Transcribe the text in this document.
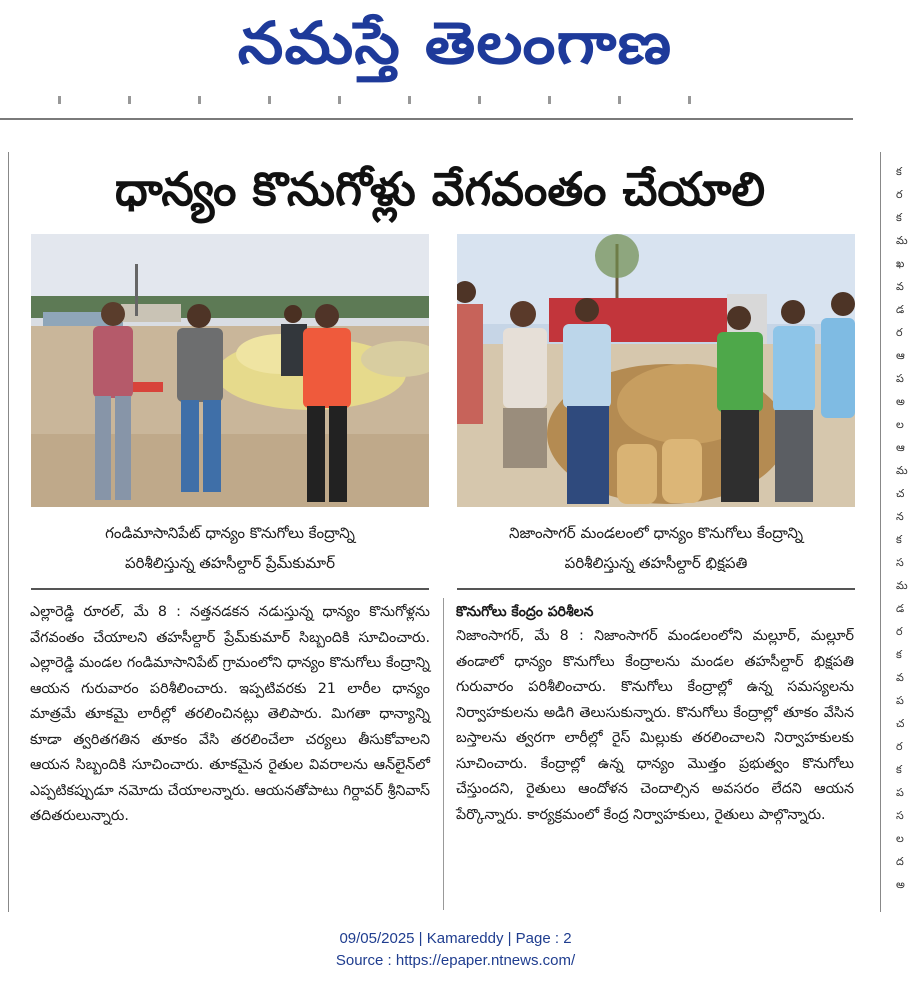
నమస్తే తెలంగాణ
క
ర
క
మ
ఖ
వ
డ
ర
ఆ
ప
అ
ల
ఆ
మ
చ
న
క
స
మ
డ
ర
క
వ
ప
చ
ర
క
ప
స
ల
ద
అ
ధాన్యం కొనుగోళ్లు వేగవంతం చేయాలి
గండిమాసానిపేట్ ధాన్యం కొనుగోలు కేంద్రాన్ని
పరిశీలిస్తున్న తహసీల్దార్ ప్రేమ్‌కుమార్
నిజాంసాగర్ మండలంలో ధాన్యం కొనుగోలు కేంద్రాన్ని
పరిశీలిస్తున్న తహసీల్దార్ భిక్షపతి

ఎల్లారెడ్డి రూరల్, మే 8 : నత్తనడకన నడుస్తున్న ధాన్యం కొనుగోళ్లను వేగవంతం చేయాలని తహసీల్దార్ ప్రేమ్‌కుమార్ సిబ్బందికి సూచించారు. ఎల్లారెడ్డి మండల గండిమాసానిపేట్ గ్రామంలోని ధాన్యం కొనుగోలు కేంద్రాన్ని ఆయన గురువారం పరిశీలించారు. ఇప్పటివరకు 21 లారీల ధాన్యం మాత్రమే తూకమై లారీల్లో తరలించినట్లు తెలిపారు. మిగతా ధాన్యాన్ని కూడా త్వరితగతిన తూకం వేసి తరలించేలా చర్యలు తీసుకోవాలని ఆయన సిబ్బందికి సూచించారు. తూకమైన రైతుల వివరాలను ఆన్‌లైన్‌లో ఎప్పటికప్పుడూ నమోదు చేయాలన్నారు. ఆయనతోపాటు గిర్దావర్ శ్రీనివాస్ తదితరులున్నారు.

కొనుగోలు కేంద్రం పరిశీలన

నిజాంసాగర్, మే 8 : నిజాంసాగర్ మండలంలోని మల్లూర్, మల్లూర్ తండాలో ధాన్యం కొనుగోలు కేంద్రాలను మండల తహసీల్దార్ భిక్షపతి గురువారం పరిశీలించారు. కొనుగోలు కేంద్రాల్లో ఉన్న సమస్యలను నిర్వాహకులను అడిగి తెలుసుకున్నారు. కొనుగోలు కేంద్రాల్లో తూకం వేసిన బస్తాలను త్వరగా లారీల్లో రైస్ మిల్లుకు తరలించాలని నిర్వాహకులకు సూచించారు. కేంద్రాల్లో ఉన్న ధాన్యం మొత్తం ప్రభుత్వం కొనుగోలు చేస్తుందని, రైతులు ఆందోళన చెందాల్సిన అవసరం లేదని ఆయన పేర్కొన్నారు. కార్యక్రమంలో కేంద్ర నిర్వాహకులు, రైతులు పాల్గొన్నారు.

09/05/2025 | Kamareddy | Page : 2
Source : https://epaper.ntnews.com/
